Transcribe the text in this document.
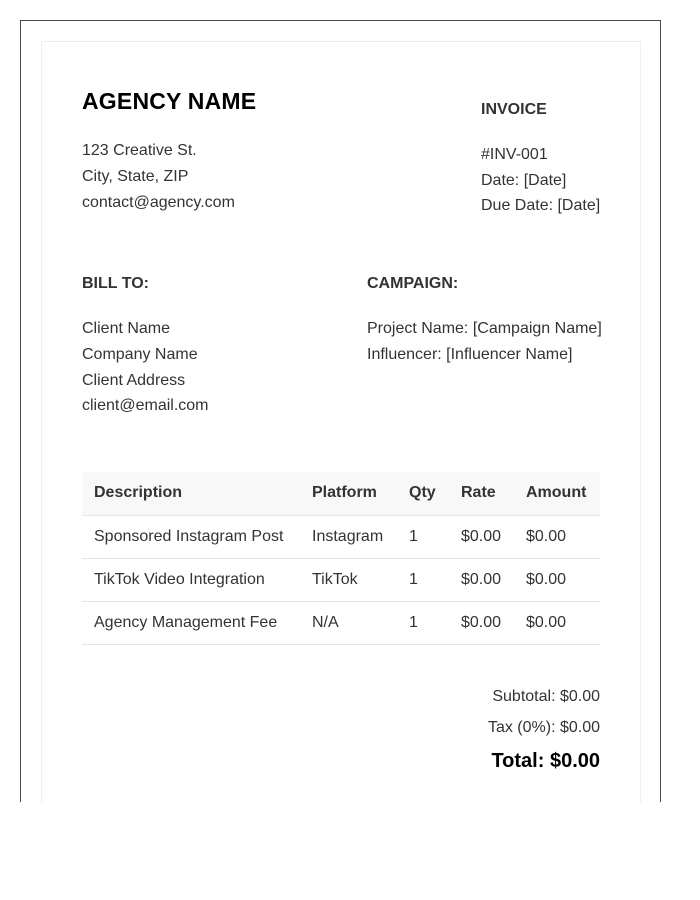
AGENCY NAME
123 Creative St.
City, State, ZIP
contact@agency.com
INVOICE
#INV-001
Date: [Date]
Due Date: [Date]
BILL TO:	CAMPAIGN:
Client Name
Company Name
Client Address
client@email.com
Project Name: [Campaign Name]
Influencer: [Influencer Name]
Description	Platform	Qty	Rate	Amount
Sponsored Instagram Post	Instagram	1	$0.00	$0.00
TikTok Video Integration	TikTok	1	$0.00	$0.00
Agency Management Fee	N/A	1	$0.00	$0.00
Subtotal: $0.00
Tax (0%): $0.00
Total: $0.00
